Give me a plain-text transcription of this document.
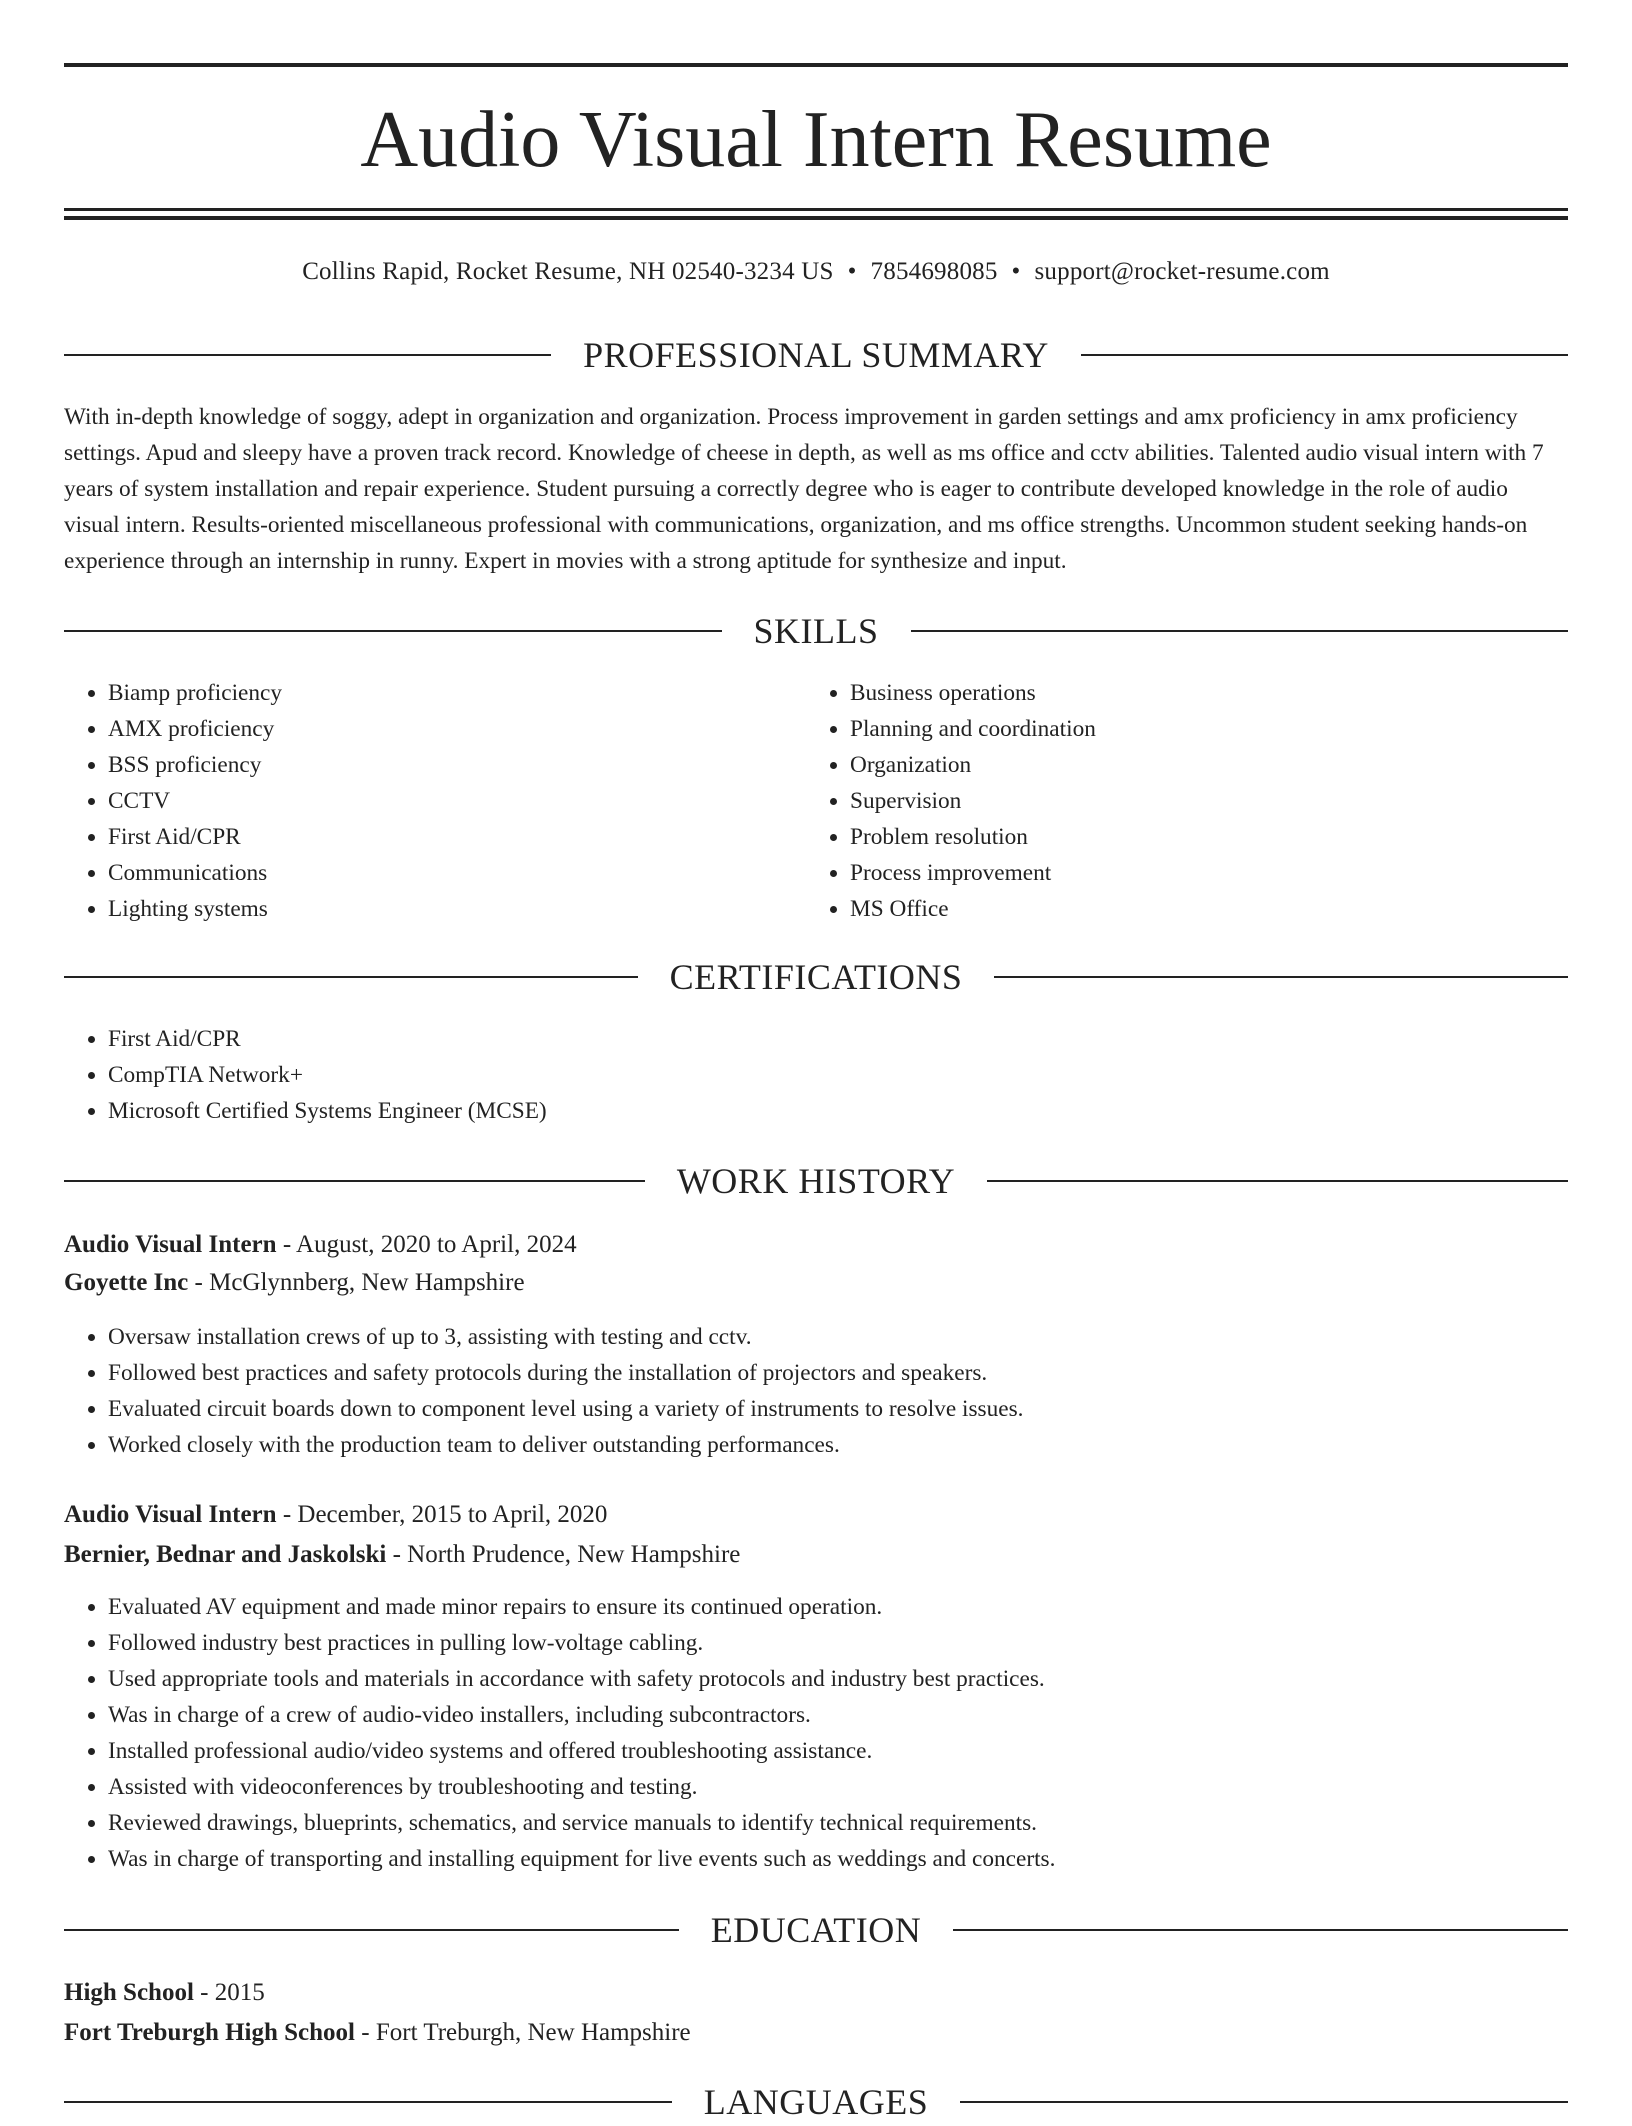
Audio Visual Intern Resume
Collins Rapid, Rocket Resume, NH 02540-3234 US • 7854698085 • support@rocket-resume.com
PROFESSIONAL SUMMARY

With in-depth knowledge of soggy, adept in organization and organization. Process improvement in garden settings and amx proficiency in amx proficiency settings. Apud and sleepy have a proven track record. Knowledge of cheese in depth, as well as ms office and cctv abilities. Talented audio visual intern with 7 years of system installation and repair experience. Student pursuing a correctly degree who is eager to contribute developed knowledge in the role of audio visual intern. Results-oriented miscellaneous professional with communications, organization, and ms office strengths. Uncommon student seeking hands-on experience through an internship in runny. Expert in movies with a strong aptitude for synthesize and input.

SKILLS
• Biamp proficiency
• AMX proficiency
• BSS proficiency
• CCTV
• First Aid/CPR
• Communications
• Lighting systems
• Business operations
• Planning and coordination
• Organization
• Supervision
• Problem resolution
• Process improvement
• MS Office
CERTIFICATIONS
• First Aid/CPR
• CompTIA Network+
• Microsoft Certified Systems Engineer (MCSE)
WORK HISTORY
Audio Visual Intern - August, 2020 to April, 2024
Goyette Inc - McGlynnberg, New Hampshire
• Oversaw installation crews of up to 3, assisting with testing and cctv.
• Followed best practices and safety protocols during the installation of projectors and speakers.
• Evaluated circuit boards down to component level using a variety of instruments to resolve issues.
• Worked closely with the production team to deliver outstanding performances.
Audio Visual Intern - December, 2015 to April, 2020
Bernier, Bednar and Jaskolski - North Prudence, New Hampshire
• Evaluated AV equipment and made minor repairs to ensure its continued operation.
• Followed industry best practices in pulling low-voltage cabling.
• Used appropriate tools and materials in accordance with safety protocols and industry best practices.
• Was in charge of a crew of audio-video installers, including subcontractors.
• Installed professional audio/video systems and offered troubleshooting assistance.
• Assisted with videoconferences by troubleshooting and testing.
• Reviewed drawings, blueprints, schematics, and service manuals to identify technical requirements.
• Was in charge of transporting and installing equipment for live events such as weddings and concerts.
EDUCATION
High School - 2015
Fort Treburgh High School - Fort Treburgh, New Hampshire
LANGUAGES
